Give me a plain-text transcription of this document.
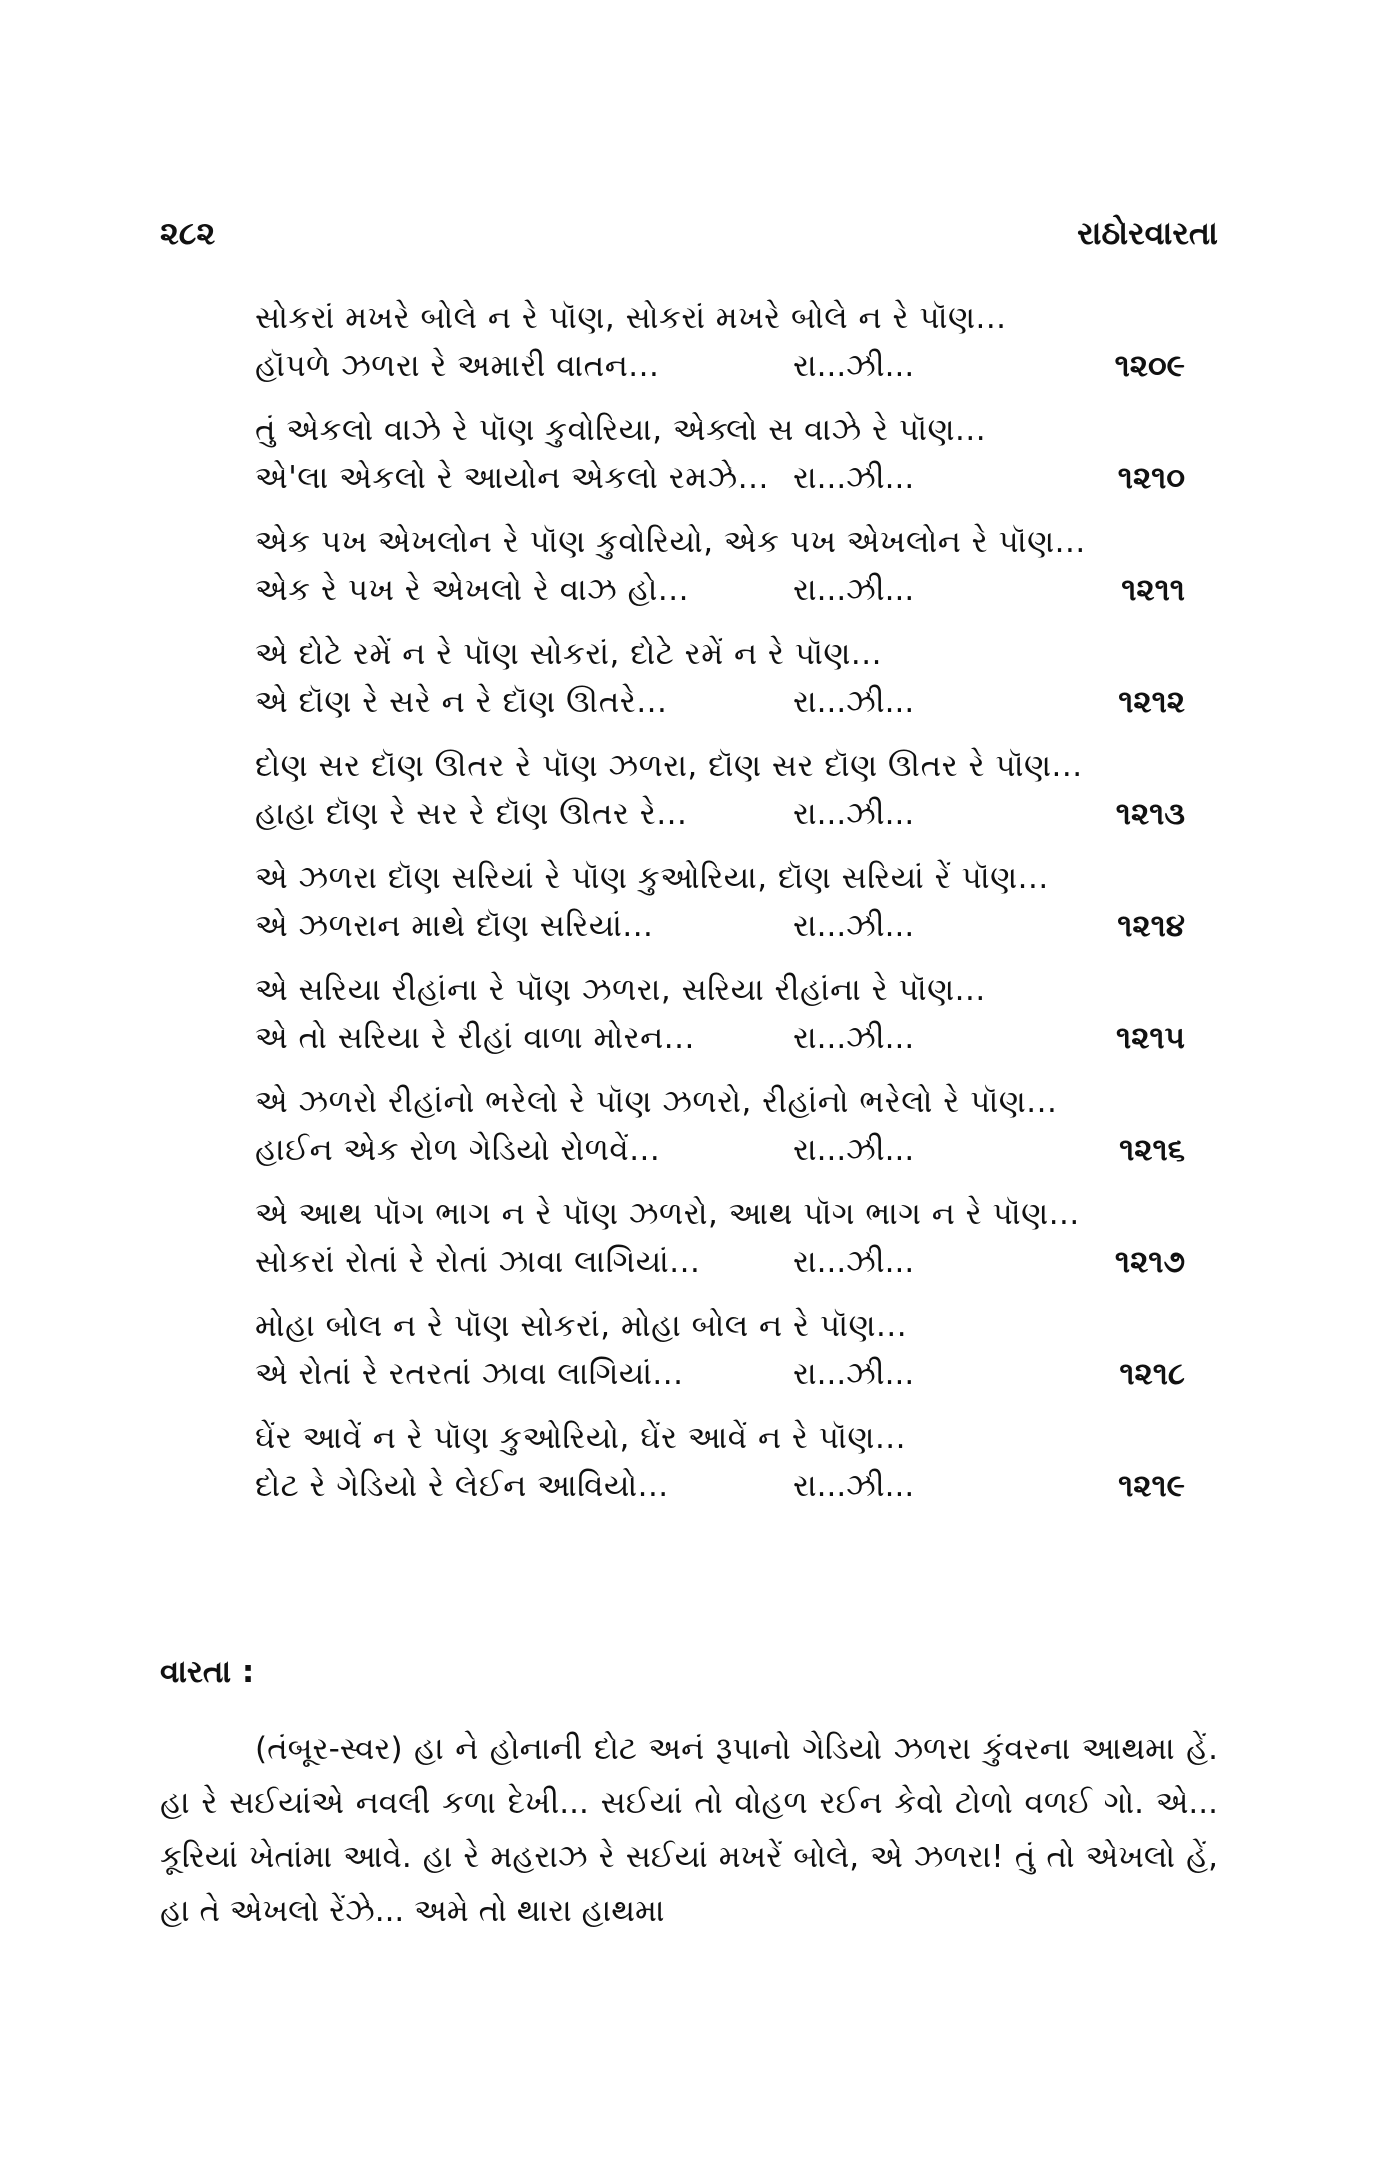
૨૮૨	રાઠોરવારતા
સોકરાં મખરે બોલે ન રે પૉણ, સોકરાં મખરે બોલે ન રે પૉણ...
હૉપળે ઝળરા રે અમારી વાતન...	રા...ઝી...	૧૨૦૯
તું એકલો વાઝે રે પૉણ કુવોરિયા, એક્લો સ વાઝે રે પૉણ...
એ'લા એકલો રે આયોન એકલો રમઝે... રા...ઝી...	૧૨૧૦
એક પખ એખલોન રે પૉણ કુવોરિયો, એક પખ એખલોન રે પૉણ...
એક રે પખ રે એખલો રે વાઝ હો...	રા...ઝી...	૧૨૧૧
એ દોટે રમેં ન રે પૉણ સોકરાં, દોટે રમેં ન રે પૉણ...
એ દૉણ રે સરે ન રે દૉણ ઊતરે...	રા...ઝી...	૧૨૧૨
દોણ સર દૉણ ઊતર રે પૉણ ઝળરા, દૉણ સર દૉણ ઊતર રે પૉણ...
હાહા દૉણ રે સર રે દૉણ ઊતર રે...	રા...ઝી...	૧૨૧૩
એ ઝળરા દૉણ સરિયાં રે પૉણ કુઓરિયા, દૉણ સરિયાં રેં પૉણ...
એ ઝળરાન માથે દૉણ સરિયાં...	રા...ઝી...	૧૨૧૪
એ સરિયા રીહાંના રે પૉણ ઝળરા, સરિયા રીહાંના રે પૉણ...
એ તો સરિયા રે રીહાં વાળા મોરન...	રા...ઝી...	૧૨૧૫
એ ઝળરો રીહાંનો ભરેલો રે પૉણ ઝળરો, રીહાંનો ભરેલો રે પૉણ...
હાઈન એક રોળ ગેડિયો રોળવેં...	રા...ઝી...	૧૨૧૬
એ આથ પૉગ ભાગ ન રે પૉણ ઝળરો, આથ પૉગ ભાગ ન રે પૉણ...
સોકરાં રોતાં રે રોતાં ઝાવા લાગિયાં...	રા...ઝી...	૧૨૧૭
મોહા બોલ ન રે પૉણ સોકરાં, મોહા બોલ ન રે પૉણ...
એ રોતાં રે રતરતાં ઝાવા લાગિયાં...	રા...ઝી...	૧૨૧૮
ઘેંર આવેં ન રે પૉણ કુઓરિયો, ઘેંર આવેં ન રે પૉણ...
દોટ રે ગેડિયો રે લેઈન આવિયો...	રા...ઝી...	૧૨૧૯
વારતા :
(તંબૂર-સ્વર) હા ને હોનાની દોટ અનં રૂપાનો ગેડિયો ઝળરા કુંવરના આથમા હેં. હા રે સઈયાંએ નવલી કળા દેખી... સઈયાં તો વોહળ રઈન કેવો ટોળો વળઈ ગો. એ... કૂરિયાં ખેતાંમા આવે. હા રે મહરાઝ રે સઈયાં મખરેં બોલે, એ ઝળરા! તું તો એખલો હેં, હા તે એખલો રેંઝે... અમે તો થારા હાથમા
